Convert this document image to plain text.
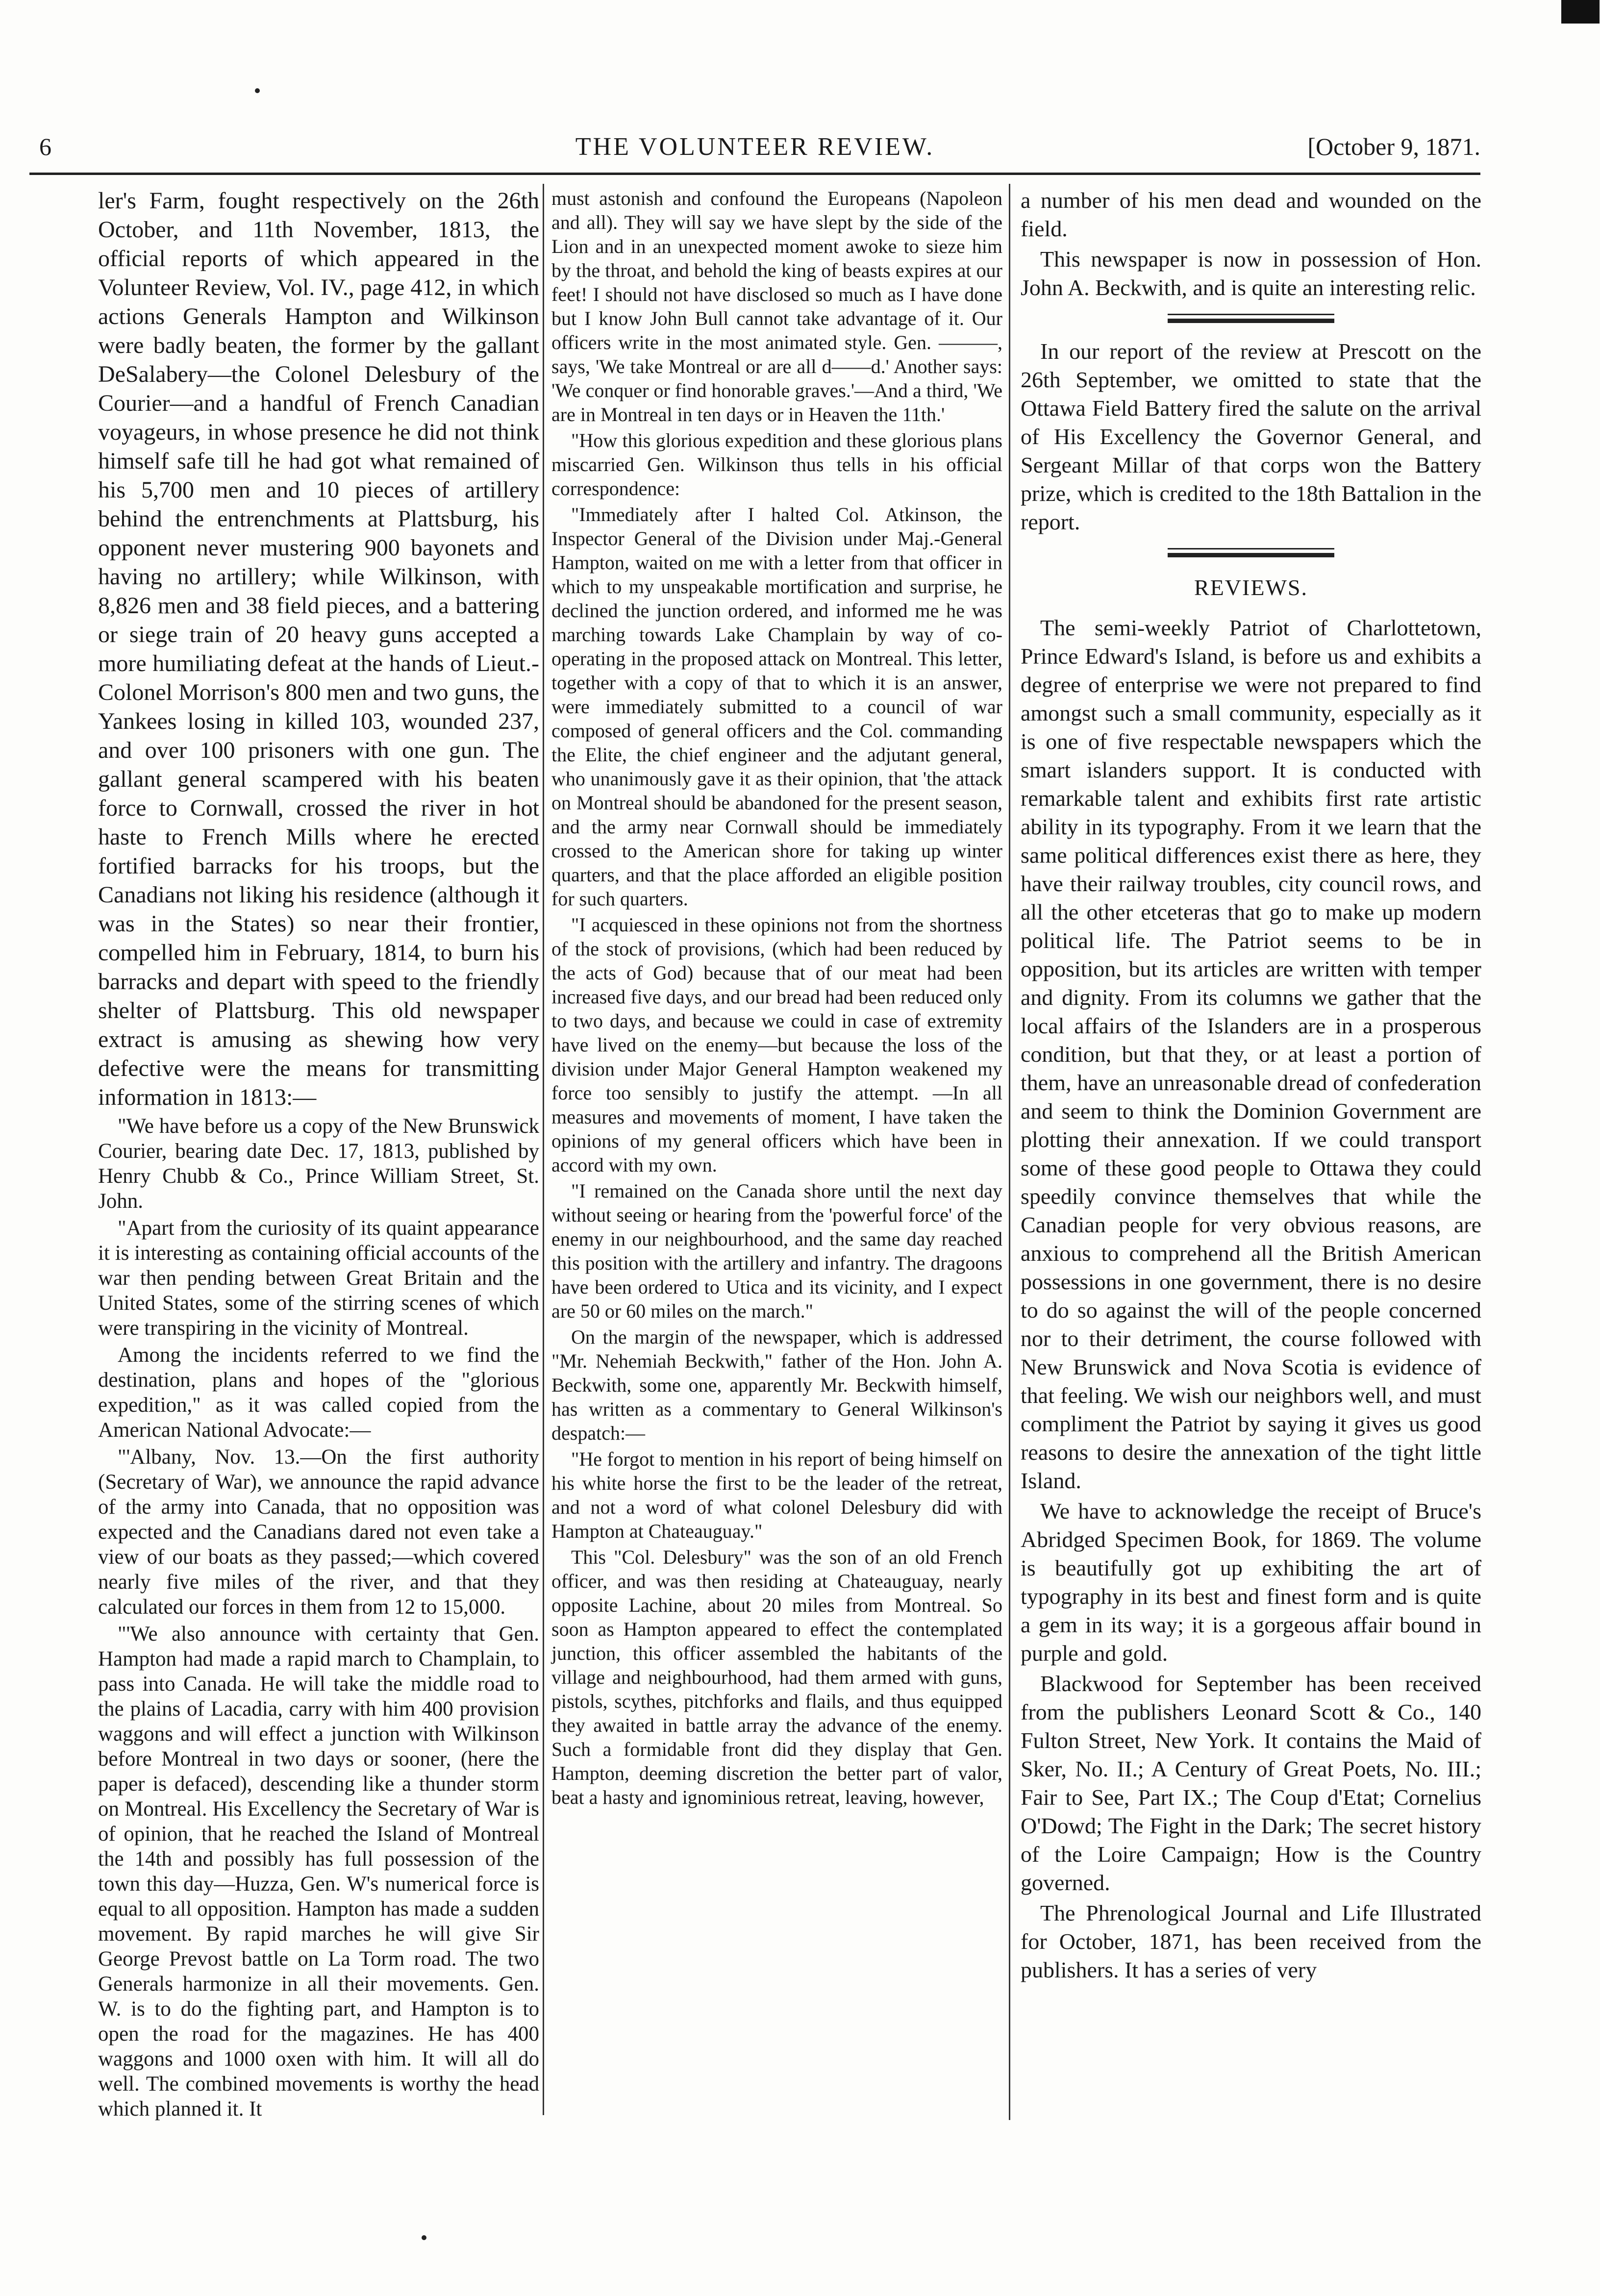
6	THE VOLUNTEER REVIEW.	[October 9, 1871.

ler's Farm, fought respectively on the 26th October, and 11th November, 1813, the official reports of which appeared in the Volunteer Review, Vol. IV., page 412, in which actions Generals Hampton and Wilkinson were badly beaten, the former by the gallant DeSalabery—the Colonel Delesbury of the Courier—and a handful of French Canadian voyageurs, in whose presence he did not think himself safe till he had got what remained of his 5,700 men and 10 pieces of artillery behind the entrenchments at Plattsburg, his opponent never mustering 900 bayonets and having no artillery; while Wilkinson, with 8,826 men and 38 field pieces, and a battering or siege train of 20 heavy guns accepted a more humiliating defeat at the hands of Lieut.-Colonel Morrison's 800 men and two guns, the Yankees losing in killed 103, wounded 237, and over 100 prisoners with one gun. The gallant general scampered with his beaten force to Cornwall, crossed the river in hot haste to French Mills where he erected fortified barracks for his troops, but the Canadians not liking his residence (although it was in the States) so near their frontier, compelled him in February, 1814, to burn his barracks and depart with speed to the friendly shelter of Plattsburg. This old newspaper extract is amusing as shewing how very defective were the means for transmitting information in 1813:—

"We have before us a copy of the New Brunswick Courier, bearing date Dec. 17, 1813, published by Henry Chubb & Co., Prince William Street, St. John.

"Apart from the curiosity of its quaint appearance it is interesting as containing official accounts of the war then pending between Great Britain and the United States, some of the stirring scenes of which were transpiring in the vicinity of Montreal.

Among the incidents referred to we find the destination, plans and hopes of the "glorious expedition," as it was called copied from the American National Advocate:—

"'Albany, Nov. 13.—On the first authority (Secretary of War), we announce the rapid advance of the army into Canada, that no opposition was expected and the Canadians dared not even take a view of our boats as they passed;—which covered nearly five miles of the river, and that they calculated our forces in them from 12 to 15,000.

"'We also announce with certainty that Gen. Hampton had made a rapid march to Champlain, to pass into Canada. He will take the middle road to the plains of Lacadia, carry with him 400 provision waggons and will effect a junction with Wilkinson before Montreal in two days or sooner, (here the paper is defaced), descending like a thunder storm on Montreal. His Excellency the Secretary of War is of opinion, that he reached the Island of Montreal the 14th and possibly has full possession of the town this day—Huzza, Gen. W's numerical force is equal to all opposition. Hampton has made a sudden movement. By rapid marches he will give Sir George Prevost battle on La Torm road. The two Generals harmonize in all their movements. Gen. W. is to do the fighting part, and Hampton is to open the road for the magazines. He has 400 waggons and 1000 oxen with him. It will all do well. The combined movements is worthy the head which planned it. It

must astonish and confound the Europeans (Napoleon and all). They will say we have slept by the side of the Lion and in an unexpected moment awoke to sieze him by the throat, and behold the king of beasts expires at our feet! I should not have disclosed so much as I have done but I know John Bull cannot take advantage of it. Our officers write in the most animated style. Gen. ———, says, 'We take Montreal or are all d——d.' Another says: 'We conquer or find honorable graves.'—And a third, 'We are in Montreal in ten days or in Heaven the 11th.'

"How this glorious expedition and these glorious plans miscarried Gen. Wilkinson thus tells in his official correspondence:

"Immediately after I halted Col. Atkinson, the Inspector General of the Division under Maj.-General Hampton, waited on me with a letter from that officer in which to my unspeakable mortification and surprise, he declined the junction ordered, and informed me he was marching towards Lake Champlain by way of co-operating in the proposed attack on Montreal. This letter, together with a copy of that to which it is an answer, were immediately submitted to a council of war composed of general officers and the Col. commanding the Elite, the chief engineer and the adjutant general, who unanimously gave it as their opinion, that 'the attack on Montreal should be abandoned for the present season, and the army near Cornwall should be immediately crossed to the American shore for taking up winter quarters, and that the place afforded an eligible position for such quarters.

"I acquiesced in these opinions not from the shortness of the stock of provisions, (which had been reduced by the acts of God) because that of our meat had been increased five days, and our bread had been reduced only to two days, and because we could in case of extremity have lived on the enemy—but because the loss of the division under Major General Hampton weakened my force too sensibly to justify the attempt. —In all measures and movements of moment, I have taken the opinions of my general officers which have been in accord with my own.

"I remained on the Canada shore until the next day without seeing or hearing from the 'powerful force' of the enemy in our neighbourhood, and the same day reached this position with the artillery and infantry. The dragoons have been ordered to Utica and its vicinity, and I expect are 50 or 60 miles on the march."

On the margin of the newspaper, which is addressed "Mr. Nehemiah Beckwith," father of the Hon. John A. Beckwith, some one, apparently Mr. Beckwith himself, has written as a commentary to General Wilkinson's despatch:—

"He forgot to mention in his report of being himself on his white horse the first to be the leader of the retreat, and not a word of what colonel Delesbury did with Hampton at Chateauguay."

This "Col. Delesbury" was the son of an old French officer, and was then residing at Chateauguay, nearly opposite Lachine, about 20 miles from Montreal. So soon as Hampton appeared to effect the contemplated junction, this officer assembled the habitants of the village and neighbourhood, had them armed with guns, pistols, scythes, pitchforks and flails, and thus equipped they awaited in battle array the advance of the enemy. Such a formidable front did they display that Gen. Hampton, deeming discretion the better part of valor, beat a hasty and ignominious retreat, leaving, however,

a number of his men dead and wounded on the field.

This newspaper is now in possession of Hon. John A. Beckwith, and is quite an interesting relic.

In our report of the review at Prescott on the 26th September, we omitted to state that the Ottawa Field Battery fired the salute on the arrival of His Excellency the Governor General, and Sergeant Millar of that corps won the Battery prize, which is credited to the 18th Battalion in the report.

REVIEWS.

The semi-weekly Patriot of Charlottetown, Prince Edward's Island, is before us and exhibits a degree of enterprise we were not prepared to find amongst such a small community, especially as it is one of five respectable newspapers which the smart islanders support. It is conducted with remarkable talent and exhibits first rate artistic ability in its typography. From it we learn that the same political differences exist there as here, they have their railway troubles, city council rows, and all the other etceteras that go to make up modern political life. The Patriot seems to be in opposition, but its articles are written with temper and dignity. From its columns we gather that the local affairs of the Islanders are in a prosperous condition, but that they, or at least a portion of them, have an unreasonable dread of confederation and seem to think the Dominion Government are plotting their annexation. If we could transport some of these good people to Ottawa they could speedily convince themselves that while the Canadian people for very obvious reasons, are anxious to comprehend all the British American possessions in one government, there is no desire to do so against the will of the people concerned nor to their detriment, the course followed with New Brunswick and Nova Scotia is evidence of that feeling. We wish our neighbors well, and must compliment the Patriot by saying it gives us good reasons to desire the annexation of the tight little Island.

We have to acknowledge the receipt of Bruce's Abridged Specimen Book, for 1869. The volume is beautifully got up exhibiting the art of typography in its best and finest form and is quite a gem in its way; it is a gorgeous affair bound in purple and gold.

Blackwood for September has been received from the publishers Leonard Scott & Co., 140 Fulton Street, New York. It contains the Maid of Sker, No. II.; A Century of Great Poets, No. III.; Fair to See, Part IX.; The Coup d'Etat; Cornelius O'Dowd; The Fight in the Dark; The secret history of the Loire Campaign; How is the Country governed.

The Phrenological Journal and Life Illustrated for October, 1871, has been received from the publishers. It has a series of very
